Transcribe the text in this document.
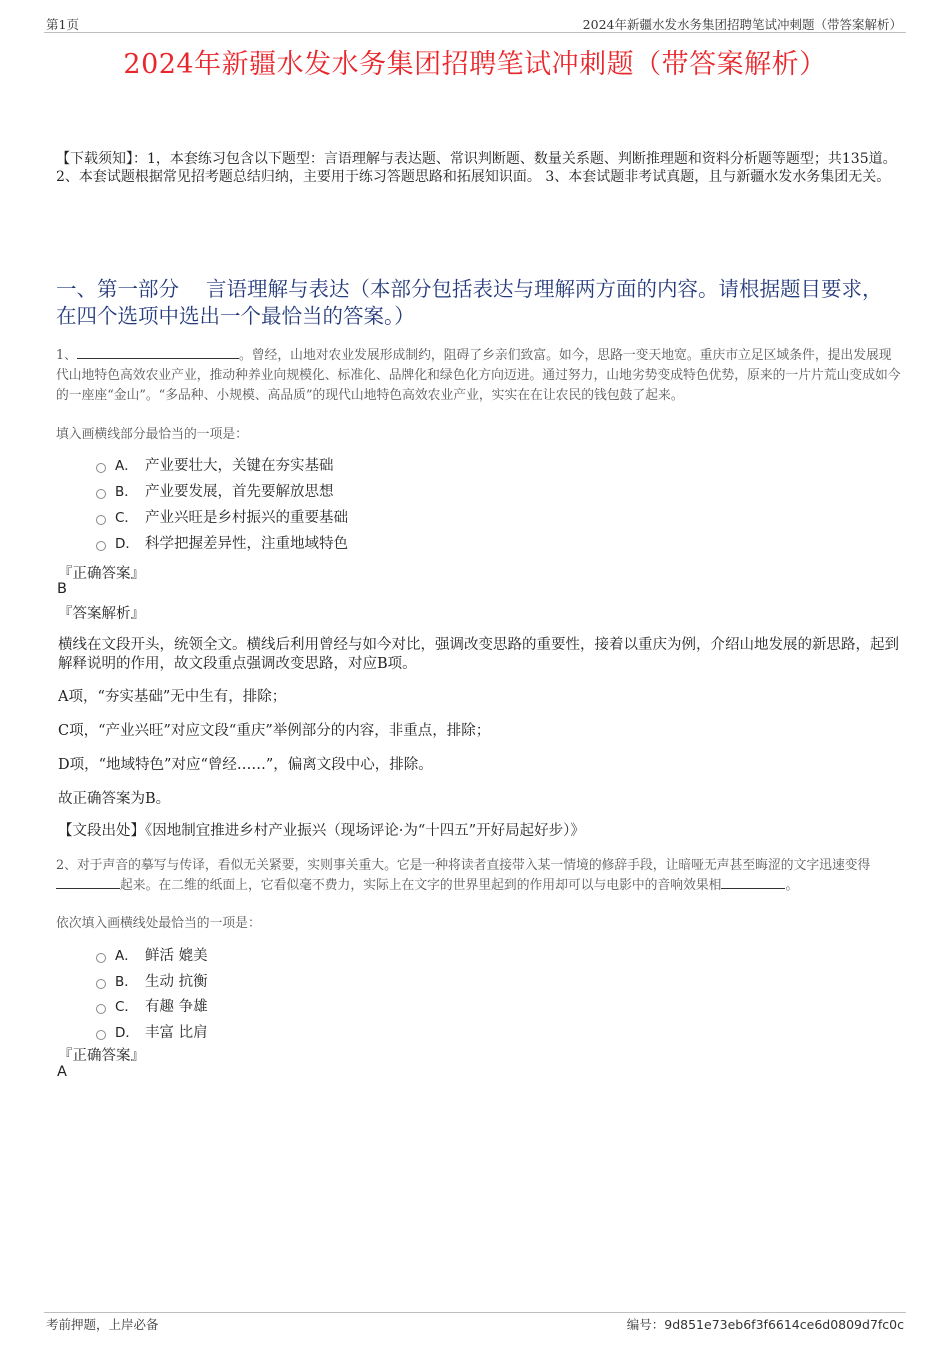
第1页	2024年新疆水发水务集团招聘笔试冲刺题（带答案解析）
2024年新疆水发水务集团招聘笔试冲刺题（带答案解析）
【下载须知】：1，本套练习包含以下题型：言语理解与表达题、常识判断题、数量关系题、判断推理题和资料分析题等题型；共135道。 2、本套试题根据常见招考题总结归纳，主要用于练习答题思路和拓展知识面。 3、本套试题非考试真题，且与新疆水发水务集团无关。
一、第一部分　 言语理解与表达（本部分包括表达与理解两方面的内容。请根据题目要求，在四个选项中选出一个最恰当的答案。）
1、	。曾经，山地对农业发展形成制约，阻碍了乡亲们致富。如今，思路一变天地宽。重庆市立足区域条件，提出发展现代山地特色高效农业产业，推动种养业向规模化、标准化、品牌化和绿色化方向迈进。通过努力，山地劣势变成特色优势，原来的一片片荒山变成如今的一座座“金山”。“多品种、小规模、高品质”的现代山地特色高效农业产业，实实在在让农民的钱包鼓了起来。
填入画横线部分最恰当的一项是：
A． 产业要壮大，关键在夯实基础
B． 产业要发展，首先要解放思想
C． 产业兴旺是乡村振兴的重要基础
D． 科学把握差异性，注重地域特色
『正确答案』
B
『答案解析』
横线在文段开头，统领全文。横线后利用曾经与如今对比，强调改变思路的重要性，接着以重庆为例，介绍山地发展的新思路，起到解释说明的作用，故文段重点强调改变思路，对应B项。
A项，“夯实基础”无中生有，排除；
C项，“产业兴旺”对应文段“重庆”举例部分的内容，非重点，排除；
D项，“地域特色”对应“曾经……”，偏离文段中心，排除。
故正确答案为B。
【文段出处】《因地制宜推进乡村产业振兴（现场评论·为“十四五”开好局起好步）》
2、对于声音的摹写与传译，看似无关紧要，实则事关重大。它是一种将读者直接带入某一情境的修辞手段，让暗哑无声甚至晦涩的文字迅速变得起来。在二维的纸面上，它看似毫不费力，实际上在文字的世界里起到的作用却可以与电影中的音响效果相	。
依次填入画横线处最恰当的一项是：
A． 鲜活 媲美
B． 生动 抗衡
C． 有趣 争雄
D． 丰富 比肩
『正确答案』
A
考前押题，上岸必备	编号：9d851e73eb6f3f6614ce6d0809d7fc0c
